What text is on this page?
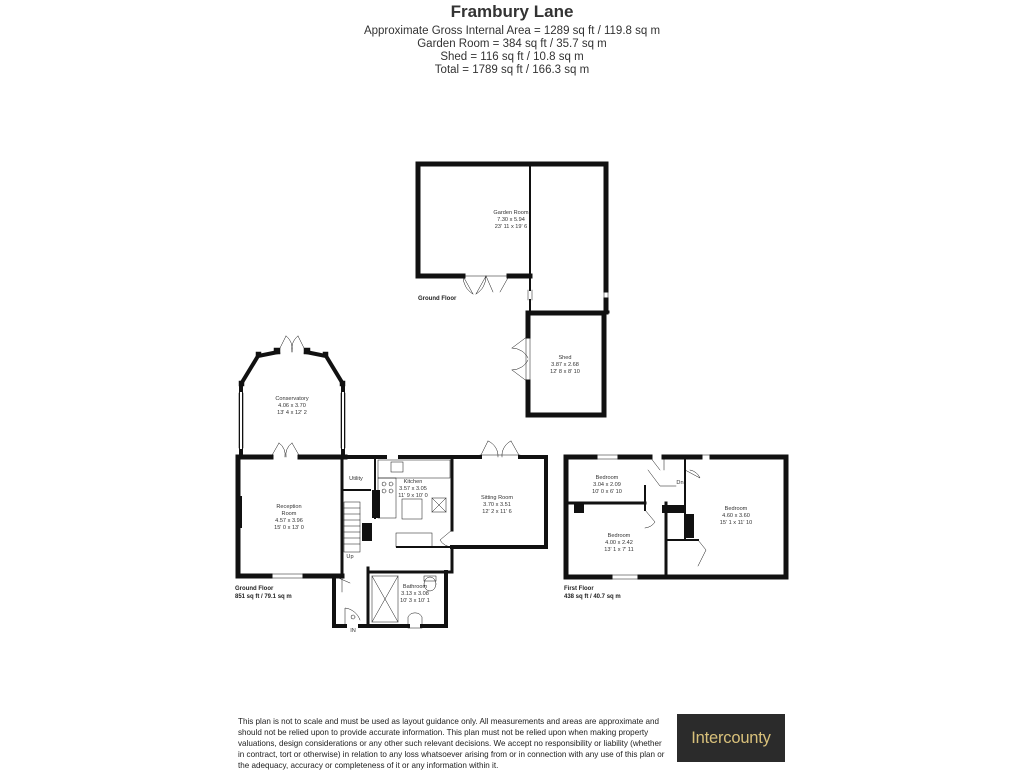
Frambury Lane
Approximate Gross Internal Area = 1289 sq ft / 119.8 sq m
Garden Room = 384 sq ft / 35.7 sq m
Shed = 116 sq ft / 10.8 sq m
Total = 1789 sq ft / 166.3 sq m
Garden Room
7.30 x 5.94
23' 11 x 19' 6
Ground Floor
Shed
3.87 x 2.68
12' 8 x 8' 10
Conservatory
4.06 x 3.70
13' 4 x 12' 2
Reception
Room
4.57 x 3.96
15' 0 x 13' 0
Utility	Kitchen
3.57 x 3.05
11' 9 x 10' 0	Sitting Room
3.70 x 3.51
12' 2 x 11' 6
Bathroom
3.13 x 3.08
10' 3 x 10' 1
Up
IN
Ground Floor
851 sq ft / 79.1 sq m
Bedroom
3.04 x 2.09
10' 0 x 6' 10
Bedroom
4.00 x 2.42
13' 1 x 7' 11
Bedroom
4.60 x 3.60
15' 1 x 11' 10
Dn
First Floor
438 sq ft / 40.7 sq m
This plan is not to scale and must be used as layout guidance only. All measurements and areas are approximate and should not be relied upon to provide accurate information. This plan must not be relied upon when making property valuations, design considerations or any other such relevant decisions. We accept no responsibility or liability (whether in contract, tort or otherwise) in relation to any loss whatsoever arising from or in connection with any use of this plan or the adequacy, accuracy or completeness of it or any information within it.
Intercounty
